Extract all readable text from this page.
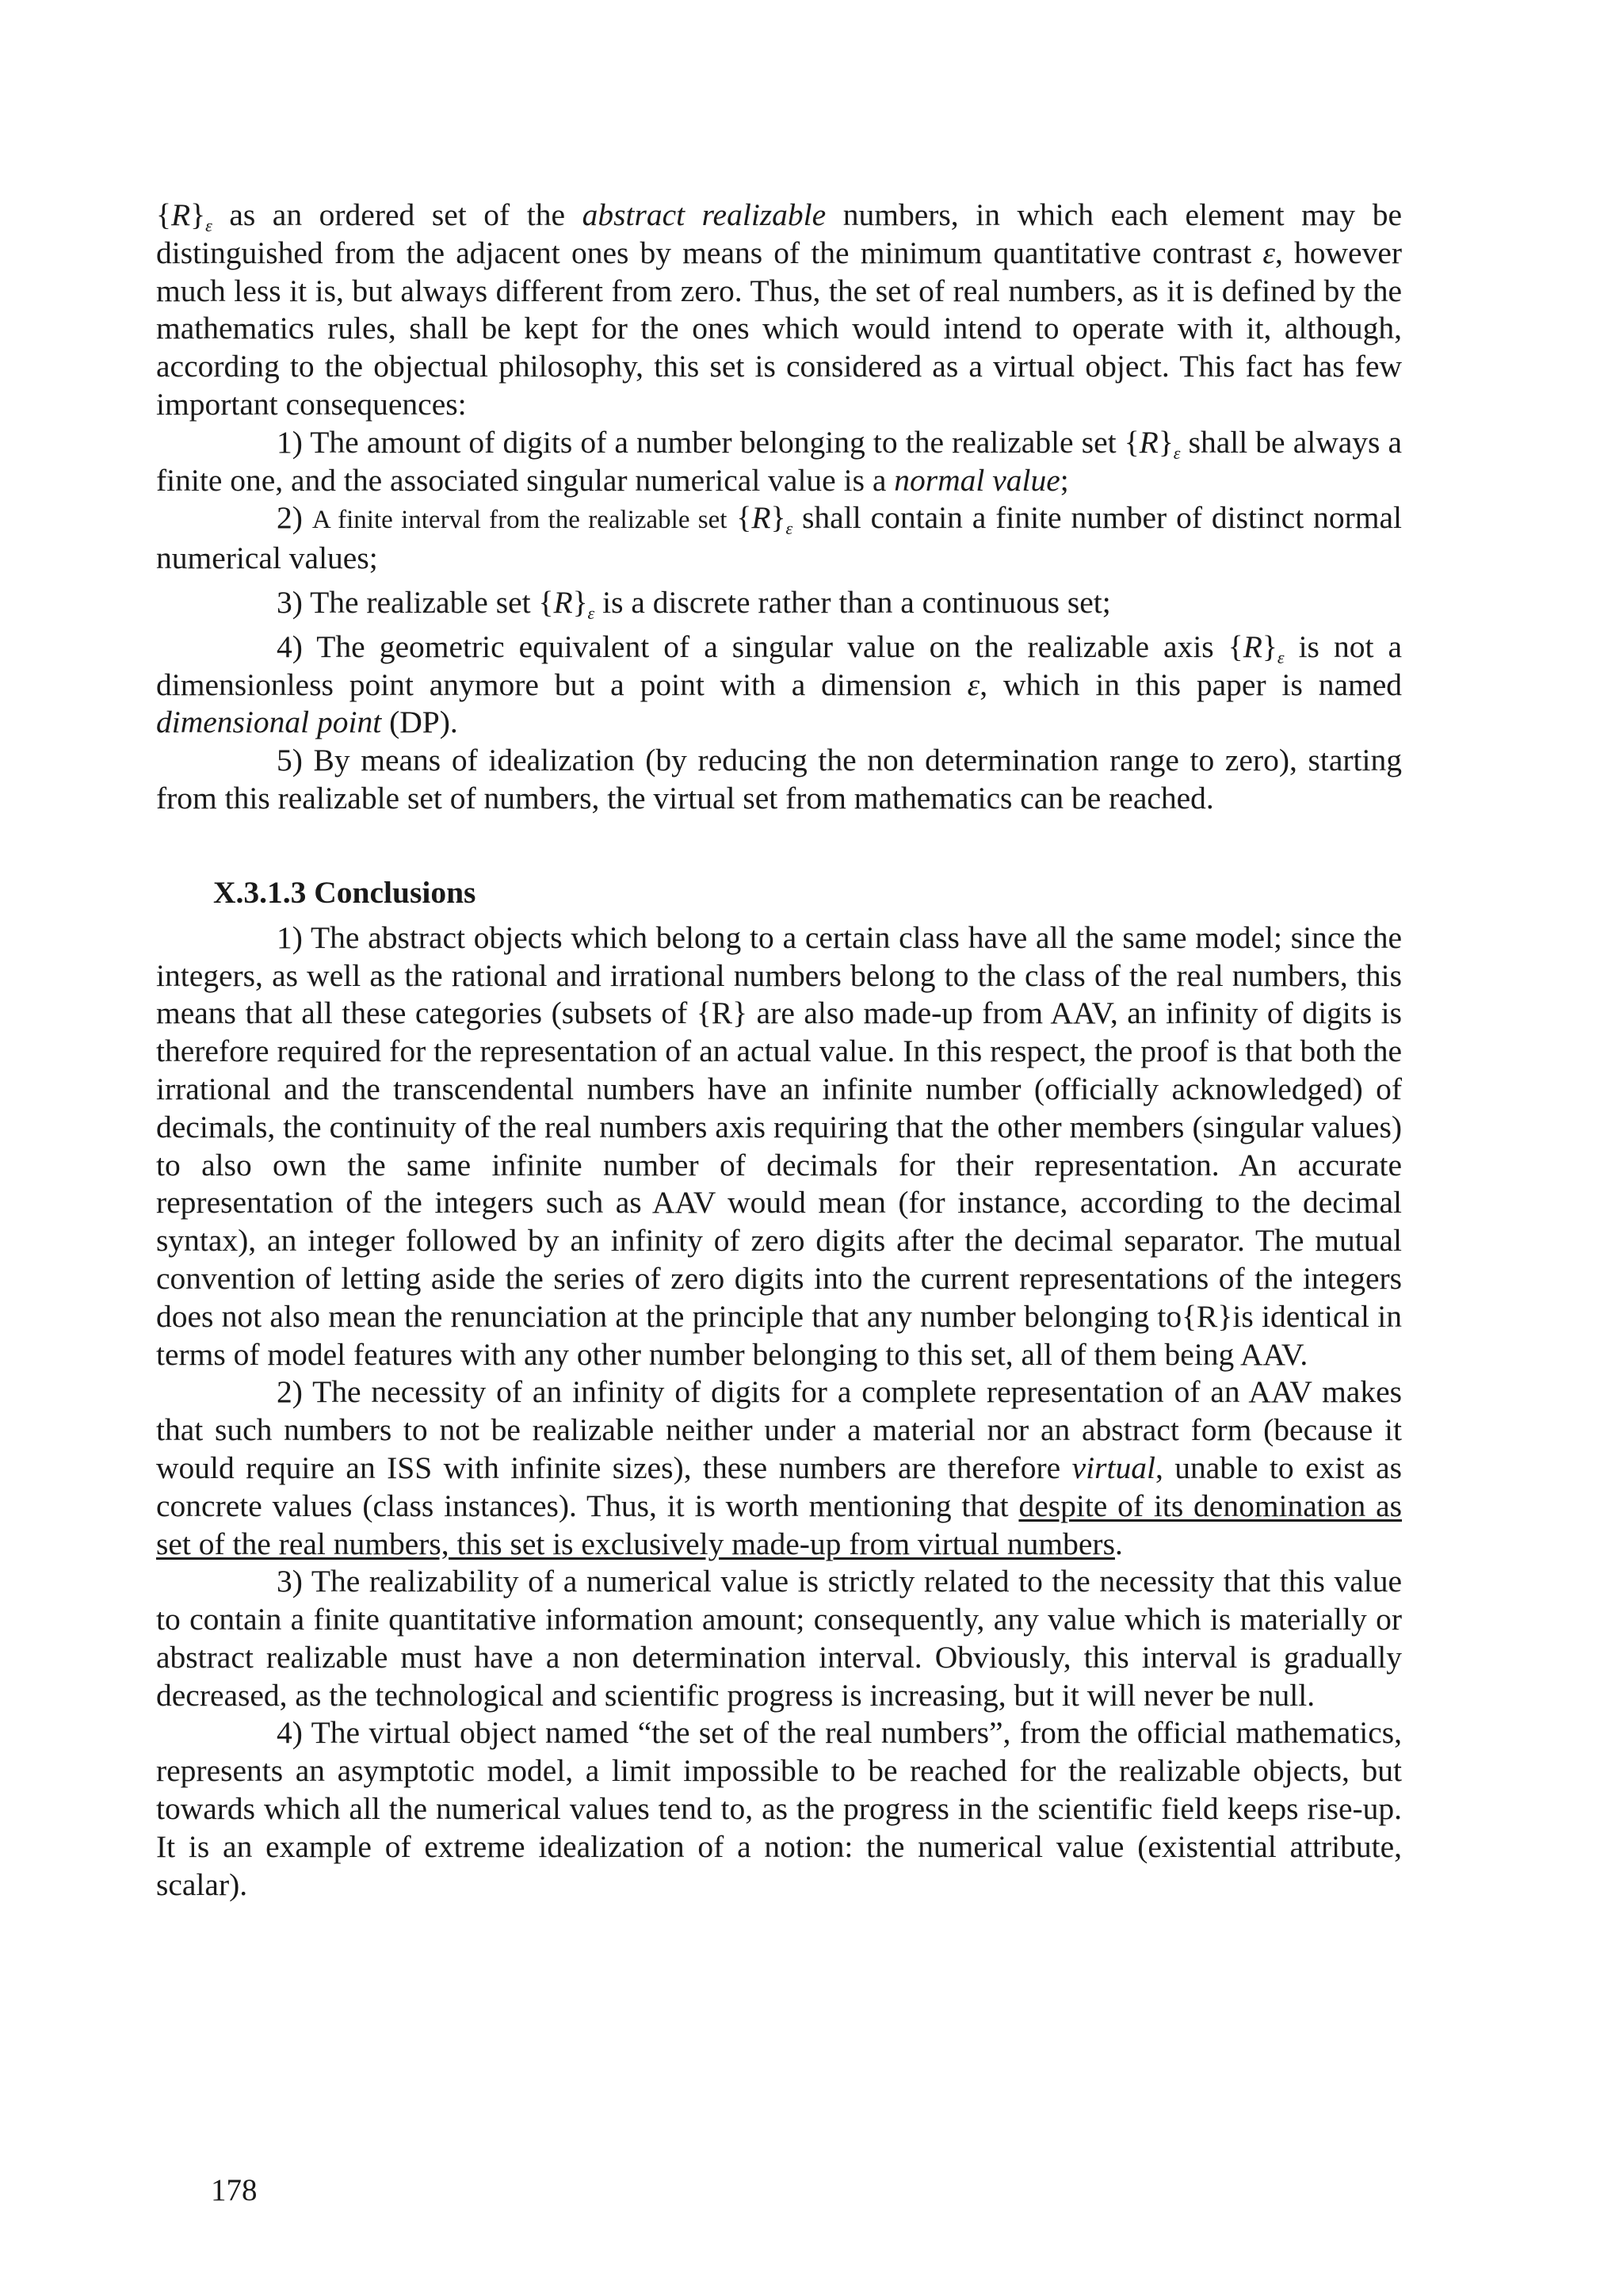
$\{R\}_\varepsilon$ as an ordered set of the abstract realizable numbers, in which each element may be distinguished from the adjacent ones by means of the minimum quantitative contrast ε, however much less it is, but always different from zero. Thus, the set of real numbers, as it is defined by the mathematics rules, shall be kept for the ones which would intend to operate with it, although, according to the objectual philosophy, this set is considered as a virtual object. This fact has few important consequences:

1) The amount of digits of a number belonging to the realizable set $\{R\}_\varepsilon$ shall be always a finite one, and the associated singular numerical value is a normal value;

2) A finite interval from the realizable set $\{R\}_\varepsilon$ shall contain a finite number of distinct normal numerical values;

3) The realizable set $\{R\}_\varepsilon$ is a discrete rather than a continuous set;

4) The geometric equivalent of a singular value on the realizable axis $\{R\}_\varepsilon$ is not a dimensionless point anymore but a point with a dimension ε, which in this paper is named dimensional point (DP).

5) By means of idealization (by reducing the non determination range to zero), starting from this realizable set of numbers, the virtual set from mathematics can be reached.

X.3.1.3 Conclusions

1) The abstract objects which belong to a certain class have all the same model; since the integers, as well as the rational and irrational numbers belong to the class of the real numbers, this means that all these categories (subsets of {R} are also made-up from AAV, an infinity of digits is therefore required for the representation of an actual value. In this respect, the proof is that both the irrational and the transcendental numbers have an infinite number (officially acknowledged) of decimals, the continuity of the real numbers axis requiring that the other members (singular values) to also own the same infinite number of decimals for their representation. An accurate representation of the integers such as AAV would mean (for instance, according to the decimal syntax), an integer followed by an infinity of zero digits after the decimal separator. The mutual convention of letting aside the series of zero digits into the current representations of the integers does not also mean the renunciation at the principle that any number belonging to{R}is identical in terms of model features with any other number belonging to this set, all of them being AAV.

2) The necessity of an infinity of digits for a complete representation of an AAV makes that such numbers to not be realizable neither under a material nor an abstract form (because it would require an ISS with infinite sizes), these numbers are therefore virtual, unable to exist as concrete values (class instances). Thus, it is worth mentioning that despite of its denomination as set of the real numbers, this set is exclusively made-up from virtual numbers.

3) The realizability of a numerical value is strictly related to the necessity that this value to contain a finite quantitative information amount; consequently, any value which is materially or abstract realizable must have a non determination interval. Obviously, this interval is gradually decreased, as the technological and scientific progress is increasing, but it will never be null.

4) The virtual object named “the set of the real numbers”, from the official mathematics, represents an asymptotic model, a limit impossible to be reached for the realizable objects, but towards which all the numerical values tend to, as the progress in the scientific field keeps rise-up. It is an example of extreme idealization of a notion: the numerical value (existential attribute, scalar).

178
